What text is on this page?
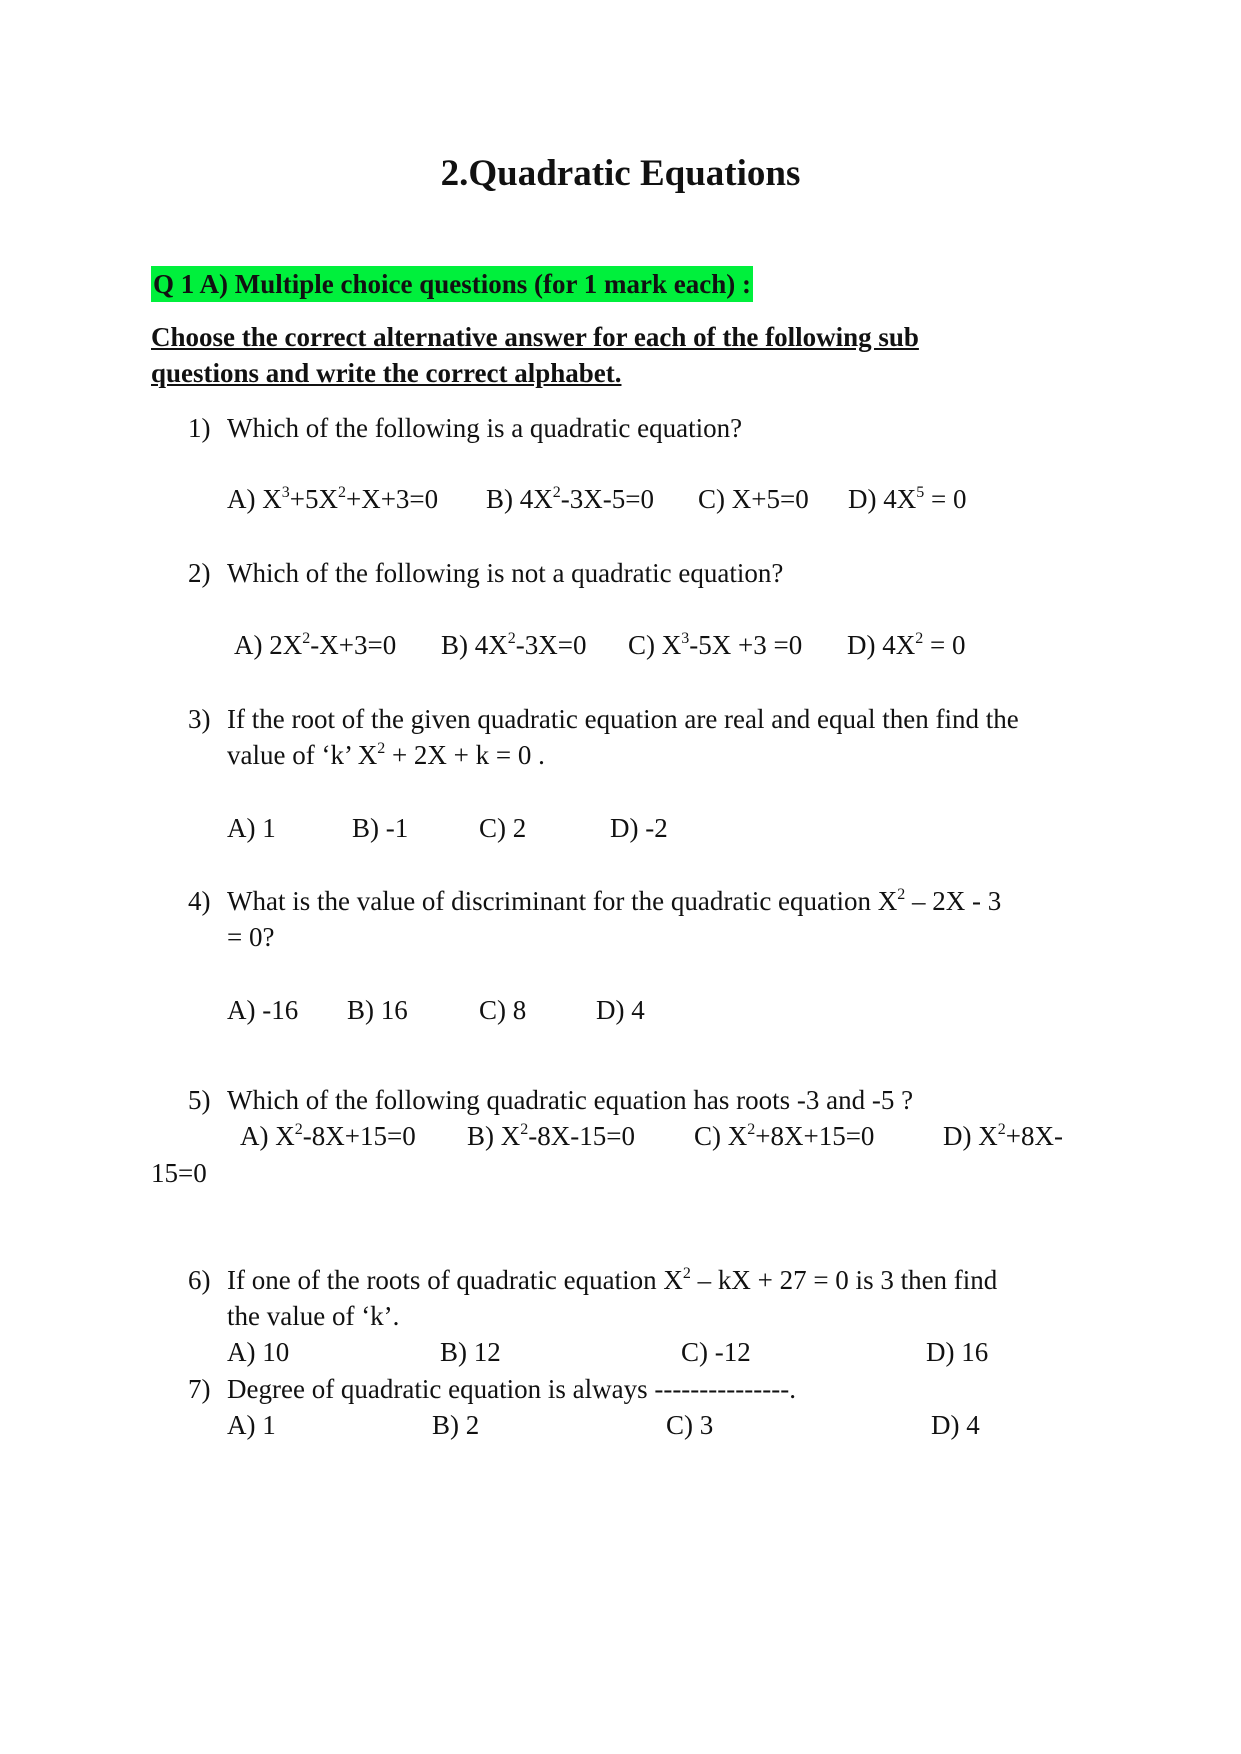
2.Quadratic Equations
Q 1 A) Multiple choice questions (for 1 mark each) :
Choose the correct alternative answer for each of the following sub
questions and write the correct alphabet.
1) Which of the following is a quadratic equation?
A) $X^3+5X^2+X+3=0$ B) $4X^2-3X-5=0$ C) X+5=0 D) $4X^5 = 0$
2) Which of the following is not a quadratic equation?
A) $2X^2-X+3=0$ B) $4X^2-3X=0$ C) $X^3-5X +3 =0$ D) $4X^2 = 0$
3) If the root of the given quadratic equation are real and equal then find the
value of ‘k’ $X^2 + 2X + k = 0$ .
A) 1	B) -1	C) 2	D) -2
4) What is the value of discriminant for the quadratic equation $X^2 - 2X - 3$
= 0?
A) -16 B) 16	C) 8	D) 4
5) Which of the following quadratic equation has roots -3 and -5 ?
A) $X^2-8X+15=0$ B) $X^2-8X-15=0$ C) $X^2+8X+15=0$	D) $X^2+8X-$
15=0
6) If one of the roots of quadratic equation $X^2$ – kX + 27 = 0 is 3 then find
the value of ‘k’.
A) 10	B) 12	C) -12	D) 16
7) Degree of quadratic equation is always ---------------.
A) 1	B) 2	C) 3	D) 4
